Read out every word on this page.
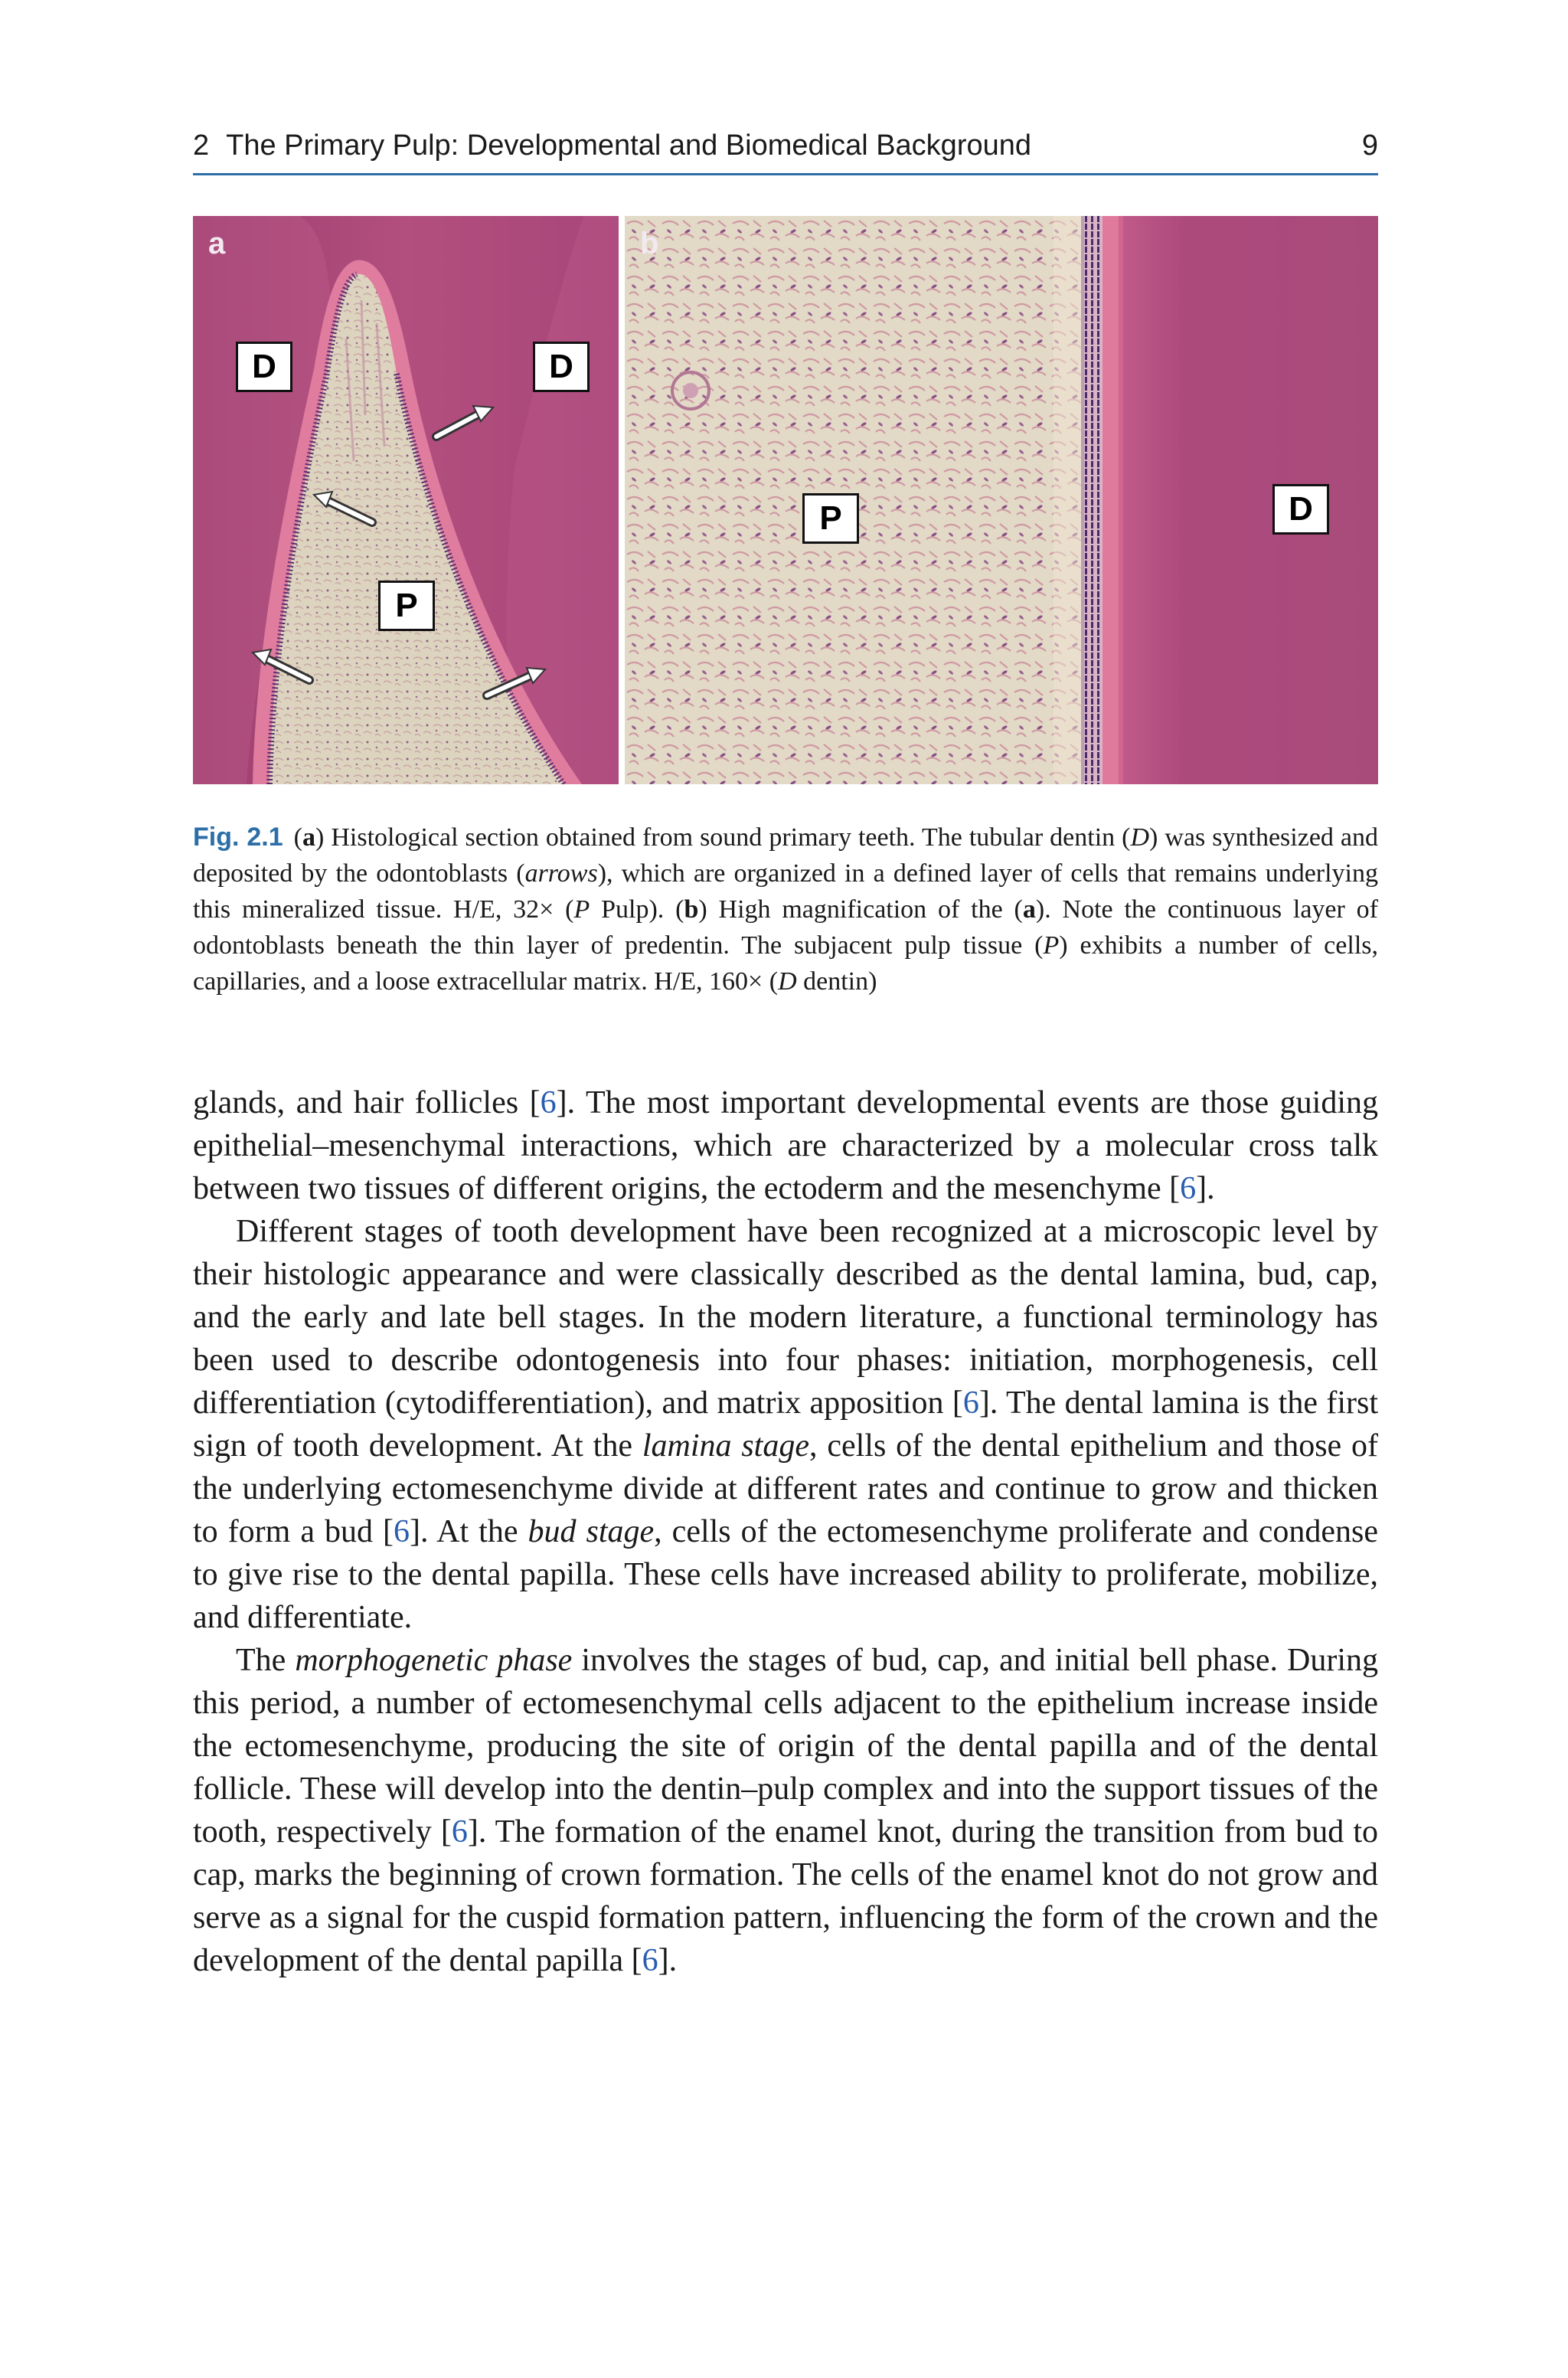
2 The Primary Pulp: Developmental and Biomedical Background	9
a
D	D
P
b
P	D
Fig. 2.1 (a) Histological section obtained from sound primary teeth. The tubular dentin (D) was synthesized and deposited by the odontoblasts (arrows), which are organized in a defined layer of cells that remains underlying this mineralized tissue. H/E, 32× (P Pulp). (b) High magnification of the (a). Note the continuous layer of odontoblasts beneath the thin layer of predentin. The subjacent pulp tissue (P) exhibits a number of cells, capillaries, and a loose extracellular matrix. H/E, 160× (D dentin)

glands, and hair follicles [6]. The most important developmental events are those guiding epithelial–mesenchymal interactions, which are characterized by a molecular cross talk between two tissues of different origins, the ectoderm and the mesenchyme [6].

Different stages of tooth development have been recognized at a microscopic level by their histologic appearance and were classically described as the dental lamina, bud, cap, and the early and late bell stages. In the modern literature, a functional terminology has been used to describe odontogenesis into four phases: initiation, morphogenesis, cell differentiation (cytodifferentiation), and matrix apposition [6]. The dental lamina is the first sign of tooth development. At the lamina stage, cells of the dental epithelium and those of the underlying ectomesenchyme divide at different rates and continue to grow and thicken to form a bud [6]. At the bud stage, cells of the ectomesenchyme proliferate and condense to give rise to the dental papilla. These cells have increased ability to proliferate, mobilize, and differentiate.

The morphogenetic phase involves the stages of bud, cap, and initial bell phase. During this period, a number of ectomesenchymal cells adjacent to the epithelium increase inside the ectomesenchyme, producing the site of origin of the dental papilla and of the dental follicle. These will develop into the dentin–pulp complex and into the support tissues of the tooth, respectively [6]. The formation of the enamel knot, during the transition from bud to cap, marks the beginning of crown formation. The cells of the enamel knot do not grow and serve as a signal for the cuspid formation pattern, influencing the form of the crown and the development of the dental papilla [6].
